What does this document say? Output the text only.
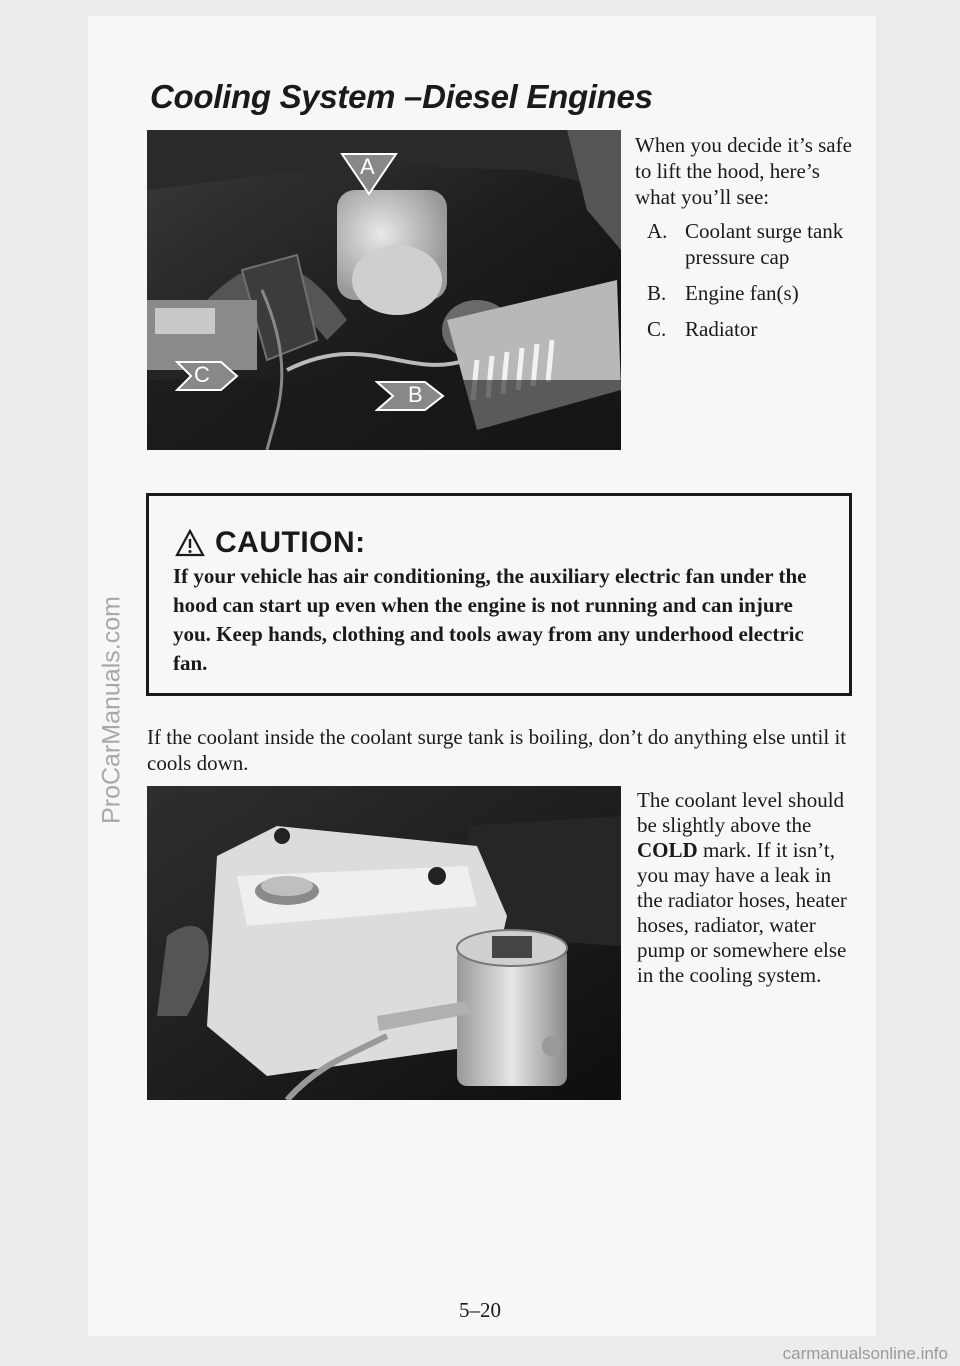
ProCarManuals.com
Cooling System –Diesel Engines
A
B
C

When you decide it’s safe to lift the hood, here’s what you’ll see:

A. Coolant surge tank pressure cap
B. Engine fan(s)
C. Radiator
CAUTION:

If your vehicle has air conditioning, the auxiliary electric fan under the hood can start up even when the engine is not running and can injure you. Keep hands, clothing and tools away from any underhood electric fan.

If the coolant inside the coolant surge tank is boiling, don’t do anything else until it cools down.

The coolant level should be slightly above the COLD mark. If it isn’t, you may have a leak in the radiator hoses, heater hoses, radiator, water pump or somewhere else in the cooling system.

5–20

carmanualsonline.info
